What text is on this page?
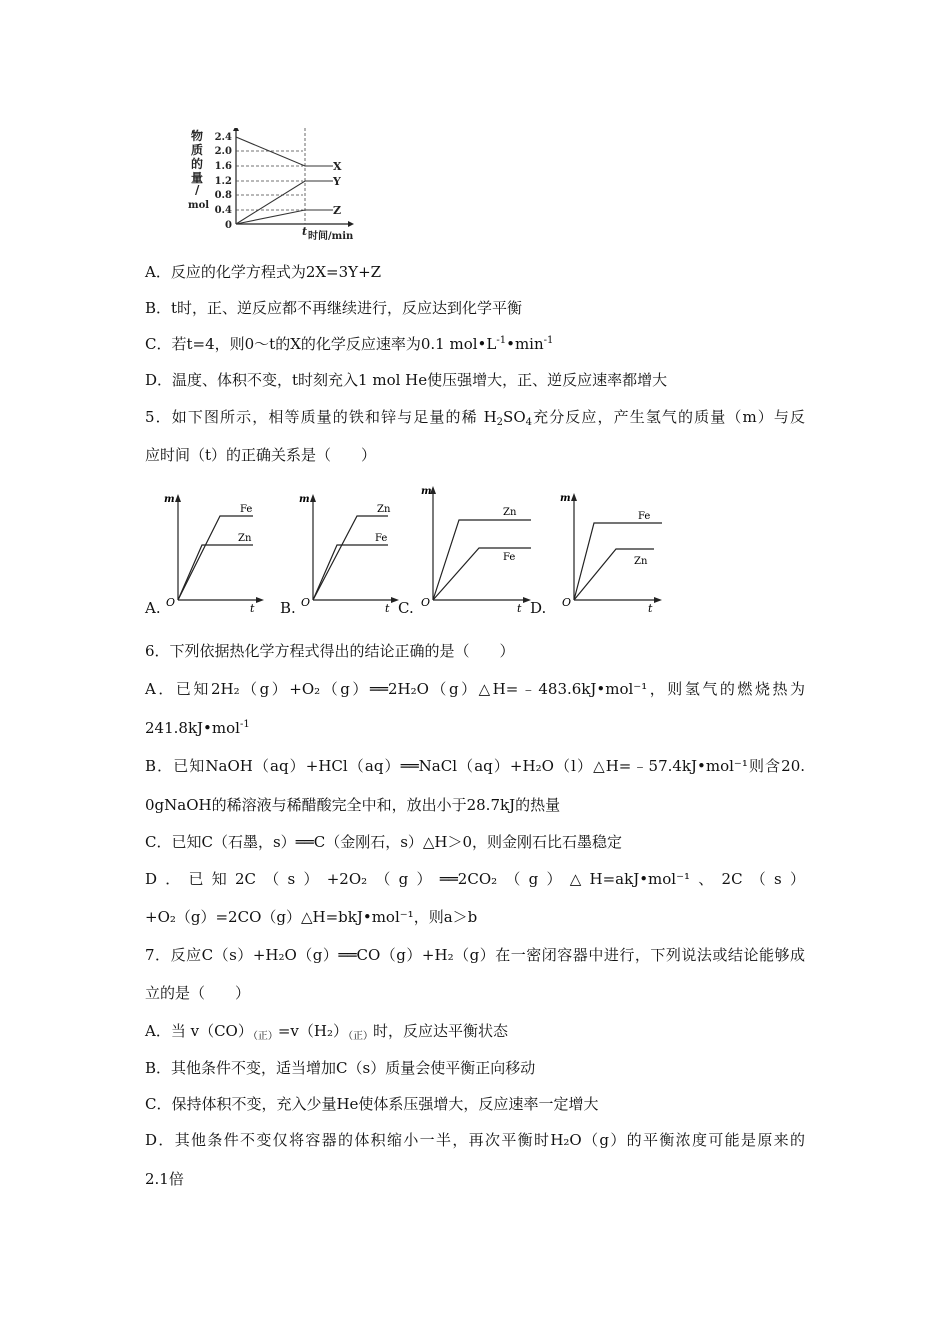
物
质
的
量
/
mol
2.4
2.0
1.6
1.2
0.8
0.4
0
X
Y
Z
t 时间/min
A．反应的化学方程式为2X=3Y+Z
B．t时，正、逆反应都不再继续进行，反应达到化学平衡
C．若t=4，则0～t的X的化学反应速率为0.1 $mol•L^{-1}•\min^{-1}$
D．温度、体积不变，t时刻充入1 mol He使压强增大，正、逆反应速率都增大
5．如下图所示，相等质量的铁和锌与足量的稀 $H_2SO_4$充分反应，产生氢气的质量（m）与反
应时间（t）的正确关系是（　　）
A.
m
t
O
Fe
Zn
B.
m
t
O
Zn
Fe
C.
m
t
O
Zn
Fe
D.
m
t
O
Fe
Zn
6．下列依据热化学方程式得出的结论正确的是（　　）
A．已知2H₂（g）+O₂（g）══2H₂O（g）△H=﹣483.6kJ•mol⁻¹，则氢气的燃烧热为
241.8kJ•mol$^{-1}$
B．已知NaOH（aq）+HCl（aq）══NaCl（aq）+H₂O（l）△H=﹣57.4kJ•mol⁻¹则含20.
0gNaOH的稀溶液与稀醋酸完全中和，放出小于28.7kJ的热量
C．已知C（石墨，s）══C（金刚石，s）△H＞0，则金刚石比石墨稳定
D．已知2C（s）+2O₂（g）══2CO₂（g）△H=akJ•mol⁻¹、2C（s）
+O₂（g）=2CO（g）△H=bkJ•mol⁻¹，则a＞b
7．反应C（s）+H₂O（g）══CO（g）+H₂（g）在一密闭容器中进行，下列说法或结论能够成
立的是（　　）
A．当 $v(CO)_{(正)}=v(H_2)_{(正)}$时，反应达平衡状态
B．其他条件不变，适当增加C（s）质量会使平衡正向移动
C．保持体积不变，充入少量He使体系压强增大，反应速率一定增大
D．其他条件不变仅将容器的体积缩小一半，再次平衡时H₂O（g）的平衡浓度可能是原来的
2.1倍
